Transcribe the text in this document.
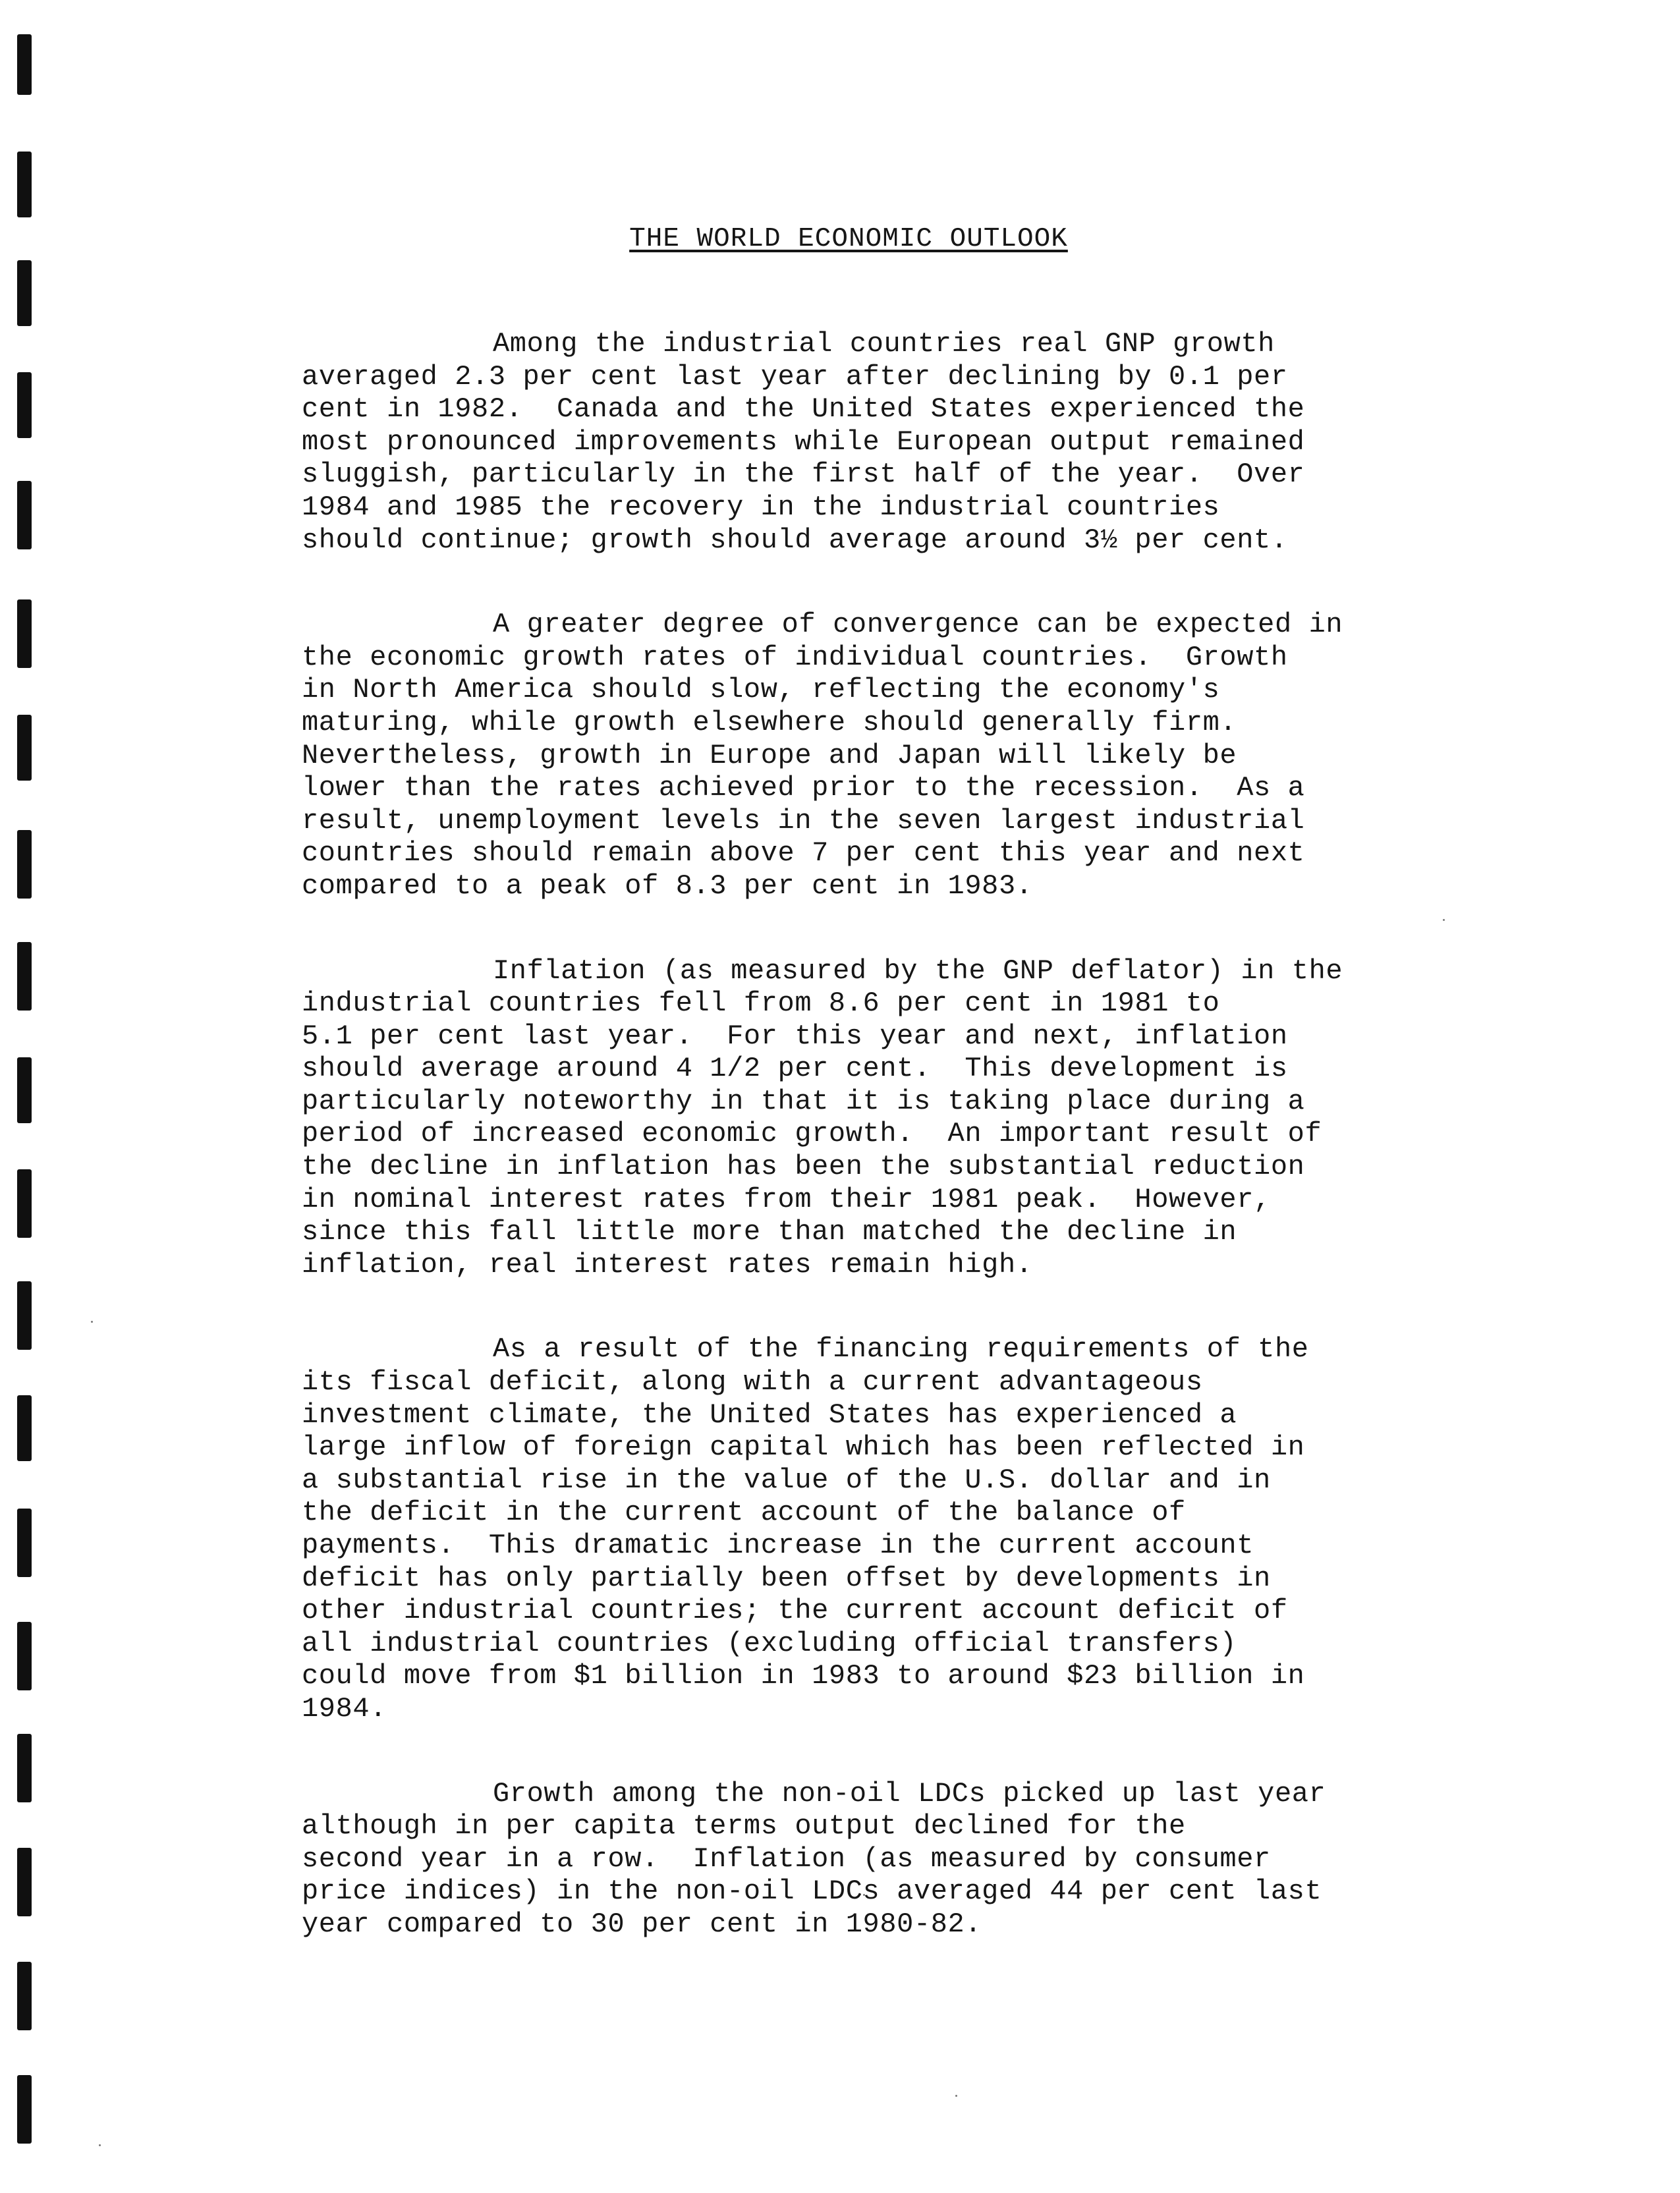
THE WORLD ECONOMIC OUTLOOK
Among the industrial countries real GNP growth
averaged 2.3 per cent last year after declining by 0.1 per
cent in 1982.  Canada and the United States experienced the
most pronounced improvements while European output remained
sluggish, particularly in the first half of the year.  Over
1984 and 1985 the recovery in the industrial countries
should continue; growth should average around 3½ per cent.
A greater degree of convergence can be expected in
the economic growth rates of individual countries.  Growth
in North America should slow, reflecting the economy's
maturing, while growth elsewhere should generally firm.
Nevertheless, growth in Europe and Japan will likely be
lower than the rates achieved prior to the recession.  As a
result, unemployment levels in the seven largest industrial
countries should remain above 7 per cent this year and next
compared to a peak of 8.3 per cent in 1983.
Inflation (as measured by the GNP deflator) in the
industrial countries fell from 8.6 per cent in 1981 to
5.1 per cent last year.  For this year and next, inflation
should average around 4 1/2 per cent.  This development is
particularly noteworthy in that it is taking place during a
period of increased economic growth.  An important result of
the decline in inflation has been the substantial reduction
in nominal interest rates from their 1981 peak.  However,
since this fall little more than matched the decline in
inflation, real interest rates remain high.
As a result of the financing requirements of the
its fiscal deficit, along with a current advantageous
investment climate, the United States has experienced a
large inflow of foreign capital which has been reflected in
a substantial rise in the value of the U.S. dollar and in
the deficit in the current account of the balance of
payments.  This dramatic increase in the current account
deficit has only partially been offset by developments in
other industrial countries; the current account deficit of
all industrial countries (excluding official transfers)
could move from $1 billion in 1983 to around $23 billion in
1984.
Growth among the non-oil LDCs picked up last year
although in per capita terms output declined for the
second year in a row.  Inflation (as measured by consumer
price indices) in the non-oil LDCs averaged 44 per cent last
year compared to 30 per cent in 1980-82.
